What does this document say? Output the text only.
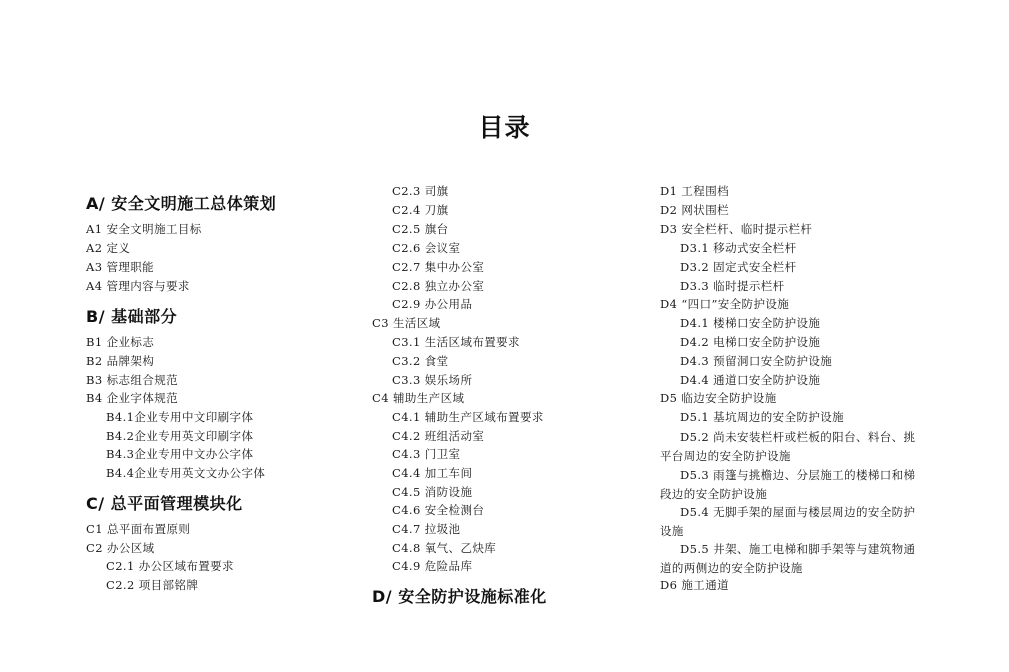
目录
A/ 安全文明施工总体策划
A1 安全文明施工目标
A2 定义
A3 管理职能
A4 管理内容与要求
B/ 基础部分
B1 企业标志
B2 品牌架构
B3 标志组合规范
B4 企业字体规范
B4.1企业专用中文印刷字体
B4.2企业专用英文印刷字体
B4.3企业专用中文办公字体
B4.4企业专用英文文办公字体
C/ 总平面管理模块化
C1 总平面布置原则
C2 办公区域
C2.1 办公区域布置要求
C2.2 项目部铭牌
C2.3 司旗
C2.4 刀旗
C2.5 旗台
C2.6 会议室
C2.7 集中办公室
C2.8 独立办公室
C2.9 办公用品
C3 生活区域
C3.1 生活区域布置要求
C3.2 食堂
C3.3 娱乐场所
C4 辅助生产区域
C4.1 辅助生产区域布置要求
C4.2 班组活动室
C4.3 门卫室
C4.4 加工车间
C4.5 消防设施
C4.6 安全检测台
C4.7 拉圾池
C4.8 氧气、乙炔库
C4.9 危险品库
D/ 安全防护设施标准化
D1 工程围档
D2 网状围栏
D3 安全栏杆、临时提示栏杆
D3.1 移动式安全栏杆
D3.2 固定式安全栏杆
D3.3 临时提示栏杆
D4 “四口”安全防护设施
D4.1 楼梯口安全防护设施
D4.2 电梯口安全防护设施
D4.3 预留洞口安全防护设施
D4.4 通道口安全防护设施
D5 临边安全防护设施
D5.1 基坑周边的安全防护设施
D5.2 尚未安装栏杆或栏板的阳台、料台、挑平台周边的安全防护设施
D5.3 雨篷与挑檐边、分层施工的楼梯口和梯段边的安全防护设施
D5.4 无脚手架的屋面与楼层周边的安全防护设施
D5.5 井架、施工电梯和脚手架等与建筑物通道的两侧边的安全防护设施
D6 施工通道
